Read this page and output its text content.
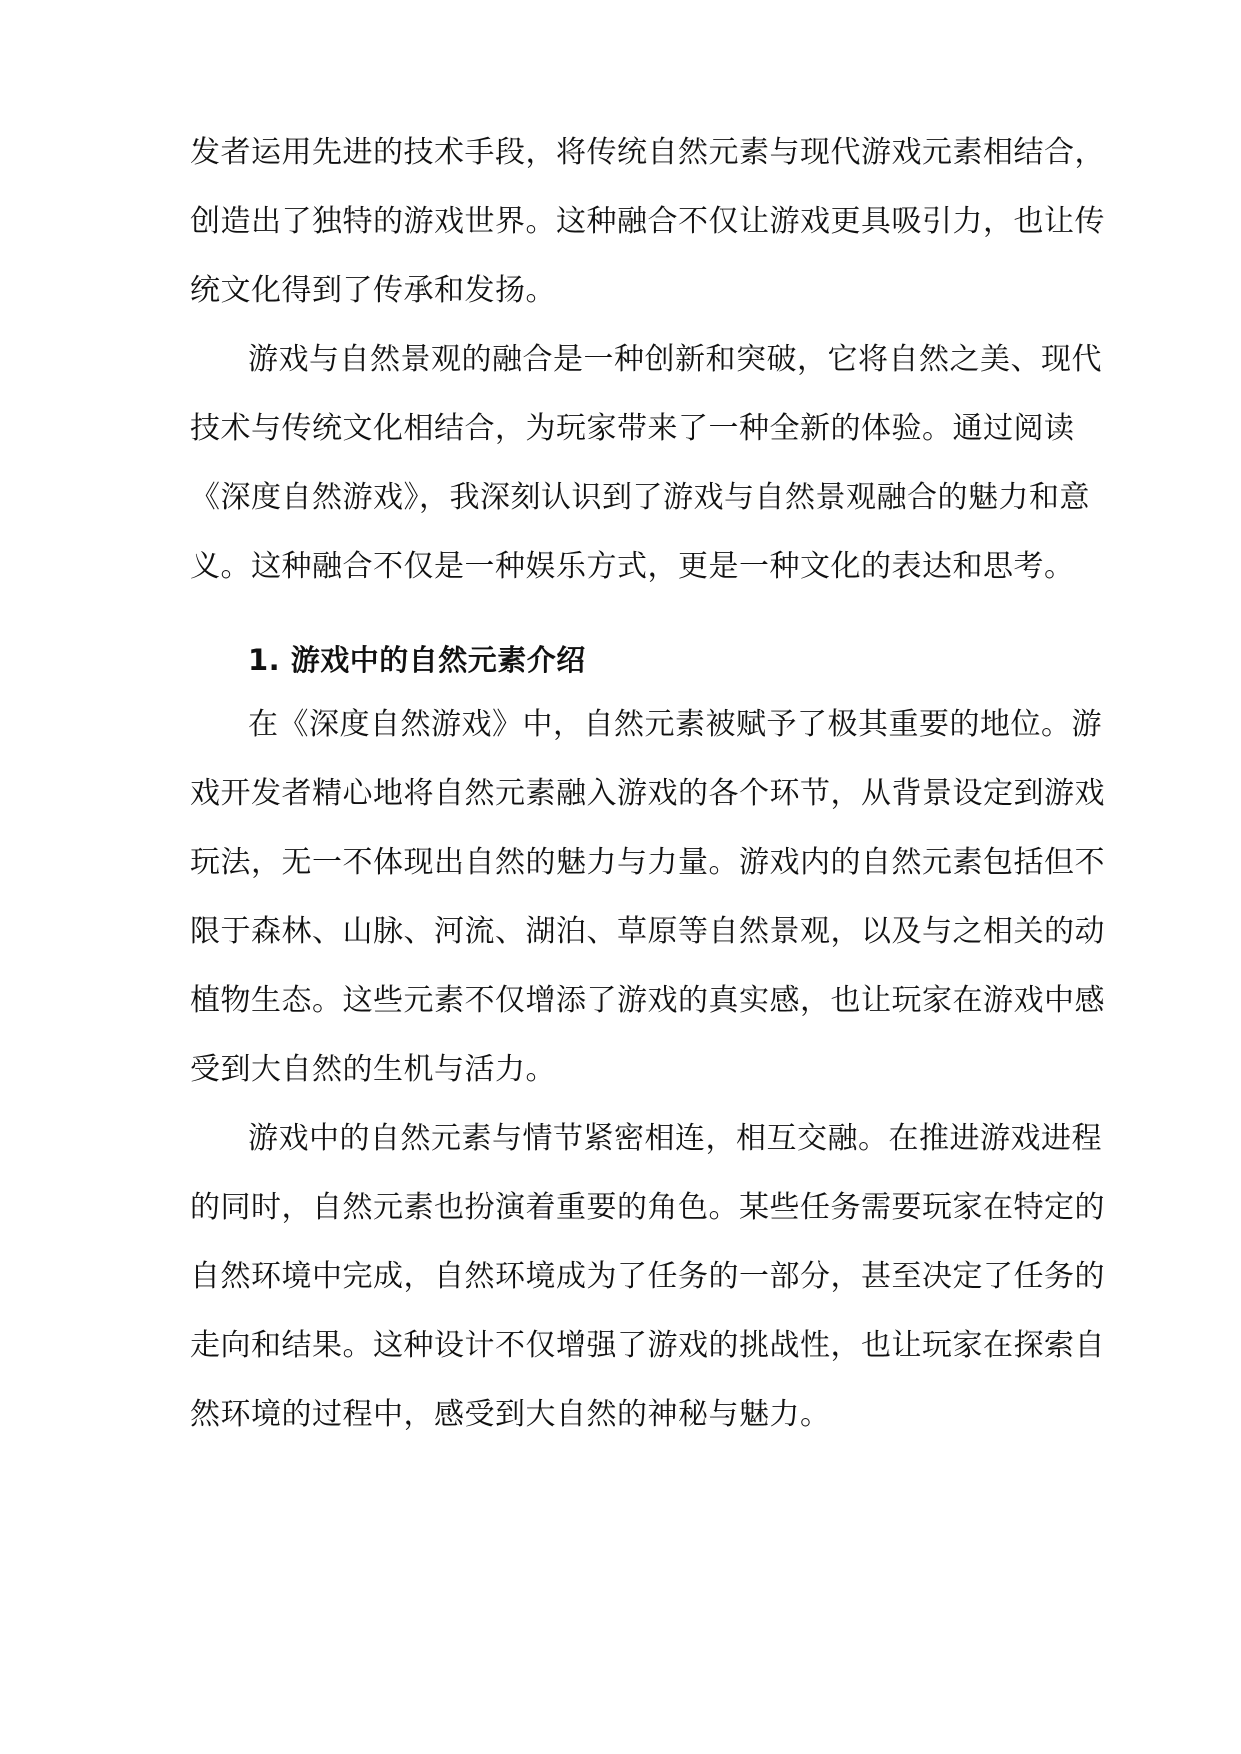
发者运用先进的技术手段，将传统自然元素与现代游戏元素相结合，
创造出了独特的游戏世界。这种融合不仅让游戏更具吸引力，也让传
统文化得到了传承和发扬。
游戏与自然景观的融合是一种创新和突破，它将自然之美、现代
技术与传统文化相结合，为玩家带来了一种全新的体验。通过阅读
《深度自然游戏》，我深刻认识到了游戏与自然景观融合的魅力和意
义。这种融合不仅是一种娱乐方式，更是一种文化的表达和思考。
1. 游戏中的自然元素介绍
在《深度自然游戏》中，自然元素被赋予了极其重要的地位。游
戏开发者精心地将自然元素融入游戏的各个环节，从背景设定到游戏
玩法，无一不体现出自然的魅力与力量。游戏内的自然元素包括但不
限于森林、山脉、河流、湖泊、草原等自然景观，以及与之相关的动
植物生态。这些元素不仅增添了游戏的真实感，也让玩家在游戏中感
受到大自然的生机与活力。
游戏中的自然元素与情节紧密相连，相互交融。在推进游戏进程
的同时，自然元素也扮演着重要的角色。某些任务需要玩家在特定的
自然环境中完成，自然环境成为了任务的一部分，甚至决定了任务的
走向和结果。这种设计不仅增强了游戏的挑战性，也让玩家在探索自
然环境的过程中，感受到大自然的神秘与魅力。
